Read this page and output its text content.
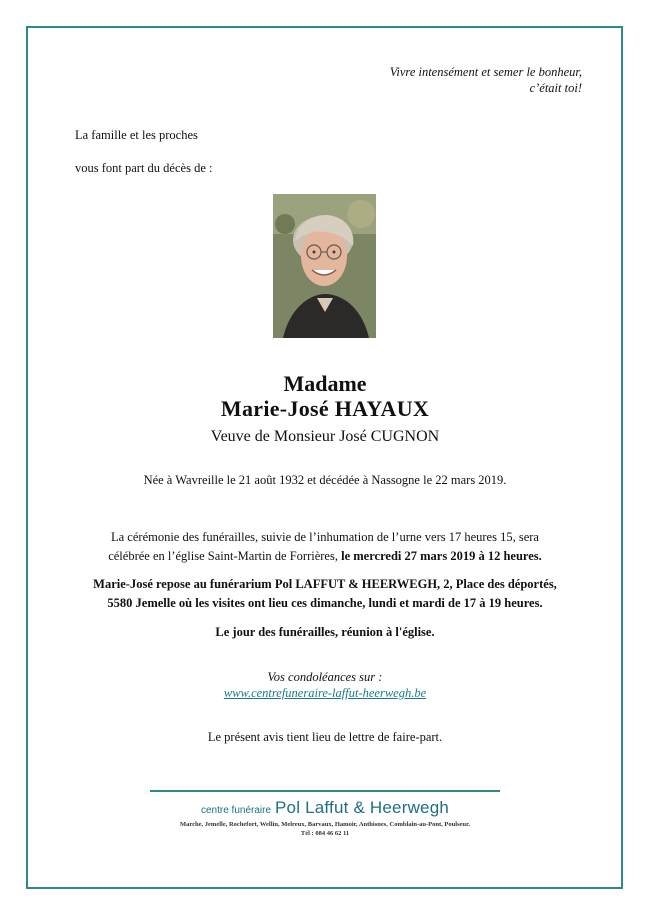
Vivre intensément et semer le bonheur,
c’était toi!
La famille et les proches
vous font part du décès de :
Madame
Marie-José HAYAUX
Veuve de Monsieur José CUGNON
Née à Wavreille le 21 août 1932 et décédée à Nassogne le 22 mars 2019.
La cérémonie des funérailles, suivie de l’inhumation de l’urne vers 17 heures 15, sera
célébrée en l’église Saint-Martin de Forrières, le mercredi 27 mars 2019 à 12 heures.
Marie-José repose au funérarium Pol LAFFUT & HEERWEGH, 2, Place des déportés,
5580 Jemelle où les visites ont lieu ces dimanche, lundi et mardi de 17 à 19 heures.
Le jour des funérailles, réunion à l'église.
Vos condoléances sur :
www.centrefuneraire-laffut-heerwegh.be
Le présent avis tient lieu de lettre de faire-part.
centre funéraire Pol Laffut & Heerwegh
Marche, Jemelle, Rochefort, Wellin, Melreux, Barvaux, Hamoir, Anthisnes, Comblain-au-Pont, Poulseur.
Tél : 084 46 62 11
